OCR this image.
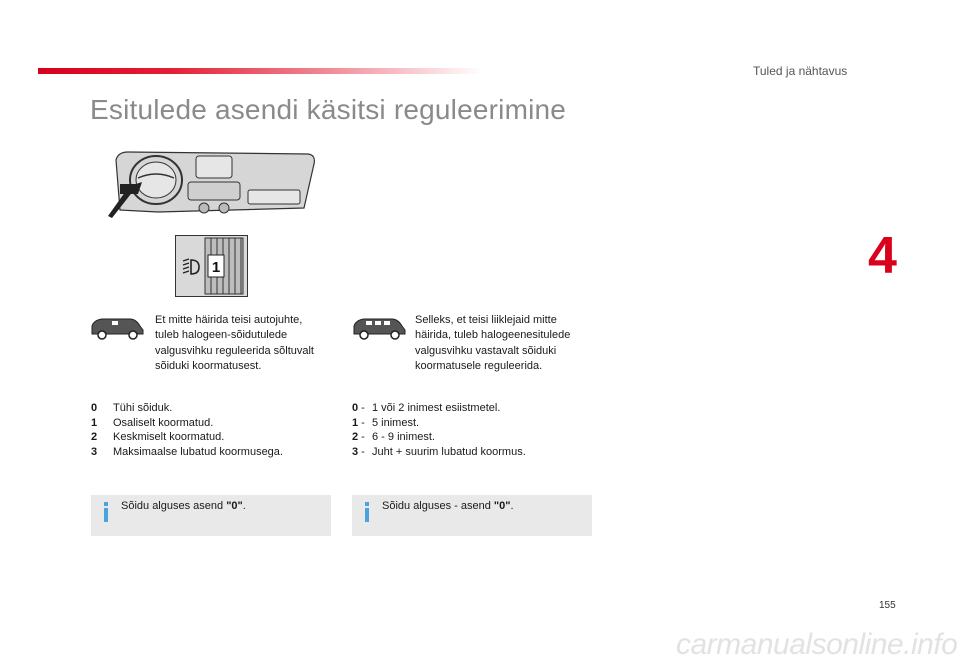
Tuled ja nähtavus
Esitulede asendi käsitsi reguleerimine
4
1
Et mitte häirida teisi autojuhte, tuleb halogeen-sõidutulede valgusvihku reguleerida sõltuvalt sõiduki koormatusest.
0	Tühi sõiduk.
1	Osaliselt koormatud.
2	Keskmiselt koormatud.
3	Maksimaalse lubatud koormusega.
Selleks, et teisi liiklejaid mitte häirida, tuleb halogeenesitulede valgusvihku vastavalt sõiduki koormatusele reguleerida.
0 - 1 või 2 inimest esiistmetel.
1 - 5 inimest.
2 - 6 - 9 inimest.
3 - Juht + suurim lubatud koormus.
Sõidu alguses asend "0".	Sõidu alguses - asend "0".
155
carmanualsonline.info
